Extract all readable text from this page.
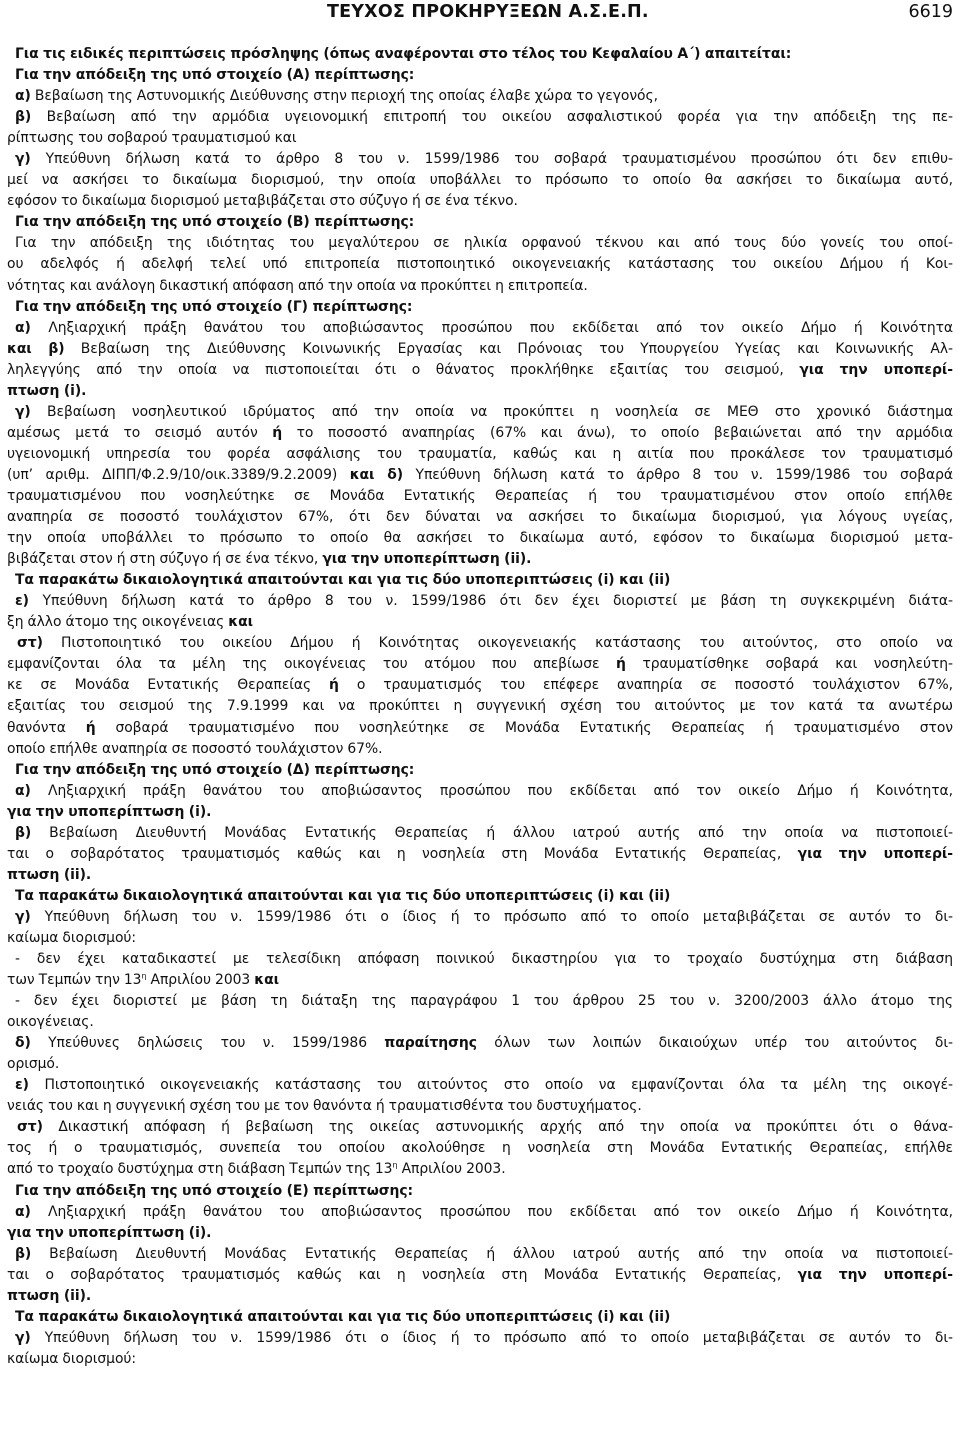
ΤΕΥΧΟΣ ΠΡΟΚΗΡΥΞΕΩΝ Α.Σ.Ε.Π.	6619
Για τις ειδικές περιπτώσεις πρόσληψης (όπως αναφέρονται στο τέλος του Κεφαλαίου Α΄) απαιτείται:
Για την απόδειξη της υπό στοιχείο (Α) περίπτωσης:
α) Βεβαίωση της Αστυνομικής Διεύθυνσης στην περιοχή της οποίας έλαβε χώρα το γεγονός,
β) Βεβαίωση από την αρμόδια υγειονομική επιτροπή του οικείου ασφαλιστικού φορέα για την απόδειξη της πε-
ρίπτωσης του σοβαρού τραυματισμού και
γ) Υπεύθυνη δήλωση κατά το άρθρο 8 του ν. 1599/1986 του σοβαρά τραυματισμένου προσώπου ότι δεν επιθυ-
μεί να ασκήσει το δικαίωμα διορισμού, την οποία υποβάλλει το πρόσωπο το οποίο θα ασκήσει το δικαίωμα αυτό,
εφόσον το δικαίωμα διορισμού μεταβιβάζεται στο σύζυγο ή σε ένα τέκνο.
Για την απόδειξη της υπό στοιχείο (Β) περίπτωσης:
Για την απόδειξη της ιδιότητας του μεγαλύτερου σε ηλικία ορφανού τέκνου και από τους δύο γονείς του οποί-
ου αδελφός ή αδελφή τελεί υπό επιτροπεία πιστοποιητικό οικογενειακής κατάστασης του οικείου Δήμου ή Κοι-
νότητας και ανάλογη δικαστική απόφαση από την οποία να προκύπτει η επιτροπεία.
Για την απόδειξη της υπό στοιχείο (Γ) περίπτωσης:
α) Ληξιαρχική πράξη θανάτου του αποβιώσαντος προσώπου που εκδίδεται από τον οικείο Δήμο ή Κοινότητα
και β) Βεβαίωση της Διεύθυνσης Κοινωνικής Εργασίας και Πρόνοιας του Υπουργείου Υγείας και Κοινωνικής Αλ-
ληλεγγύης από την οποία να πιστοποιείται ότι ο θάνατος προκλήθηκε εξαιτίας του σεισμού, για την υποπερί-
πτωση (i).
γ) Βεβαίωση νοσηλευτικού ιδρύματος από την οποία να προκύπτει η νοσηλεία σε ΜΕΘ στο χρονικό διάστημα
αμέσως μετά το σεισμό αυτόν ή το ποσοστό αναπηρίας (67% και άνω), το οποίο βεβαιώνεται από την αρμόδια
υγειονομική υπηρεσία του φορέα ασφάλισης του τραυματία, καθώς και η αιτία που προκάλεσε τον τραυματισμό
(υπ’ αριθμ. ΔΙΠΠ/Φ.2.9/10/οικ.3389/9.2.2009) και δ) Υπεύθυνη δήλωση κατά το άρθρο 8 του ν. 1599/1986 του σοβαρά
τραυματισμένου που νοσηλεύτηκε σε Μονάδα Εντατικής Θεραπείας ή του τραυματισμένου στον οποίο επήλθε
αναπηρία σε ποσοστό τουλάχιστον 67%, ότι δεν δύναται να ασκήσει το δικαίωμα διορισμού, για λόγους υγείας,
την οποία υποβάλλει το πρόσωπο το οποίο θα ασκήσει το δικαίωμα αυτό, εφόσον το δικαίωμα διορισμού μετα-
βιβάζεται στον ή στη σύζυγο ή σε ένα τέκνο, για την υποπερίπτωση (ii).
Τα παρακάτω δικαιολογητικά απαιτούνται και για τις δύο υποπεριπτώσεις (i) και (ii)
ε) Υπεύθυνη δήλωση κατά το άρθρο 8 του ν. 1599/1986 ότι δεν έχει διοριστεί με βάση τη συγκεκριμένη διάτα-
ξη άλλο άτομο της οικογένειας και
στ) Πιστοποιητικό του οικείου Δήμου ή Κοινότητας οικογενειακής κατάστασης του αιτούντος, στο οποίο να
εμφανίζονται όλα τα μέλη της οικογένειας του ατόμου που απεβίωσε ή τραυματίσθηκε σοβαρά και νοσηλεύτη-
κε σε Μονάδα Εντατικής Θεραπείας ή ο τραυματισμός του επέφερε αναπηρία σε ποσοστό τουλάχιστον 67%,
εξαιτίας του σεισμού της 7.9.1999 και να προκύπτει η συγγενική σχέση του αιτούντος με τον κατά τα ανωτέρω
θανόντα ή σοβαρά τραυματισμένο που νοσηλεύτηκε σε Μονάδα Εντατικής Θεραπείας ή τραυματισμένο στον
οποίο επήλθε αναπηρία σε ποσοστό τουλάχιστον 67%.
Για την απόδειξη της υπό στοιχείο (Δ) περίπτωσης:
α) Ληξιαρχική πράξη θανάτου του αποβιώσαντος προσώπου που εκδίδεται από τον οικείο Δήμο ή Κοινότητα,
για την υποπερίπτωση (i).
β) Βεβαίωση Διευθυντή Μονάδας Εντατικής Θεραπείας ή άλλου ιατρού αυτής από την οποία να πιστοποιεί-
ται ο σοβαρότατος τραυματισμός καθώς και η νοσηλεία στη Μονάδα Εντατικής Θεραπείας, για την υποπερί-
πτωση (ii).
Τα παρακάτω δικαιολογητικά απαιτούνται και για τις δύο υποπεριπτώσεις (i) και (ii)
γ) Υπεύθυνη δήλωση του ν. 1599/1986 ότι ο ίδιος ή το πρόσωπο από το οποίο μεταβιβάζεται σε αυτόν το δι-
καίωμα διορισμού:
- δεν έχει καταδικαστεί με τελεσίδικη απόφαση ποινικού δικαστηρίου για το τροχαίο δυστύχημα στη διάβαση
των Τεμπών την $13^\eta$ Απριλίου 2003 και
- δεν έχει διοριστεί με βάση τη διάταξη της παραγράφου 1 του άρθρου 25 του ν. 3200/2003 άλλο άτομο της
οικογένειας.
δ) Υπεύθυνες δηλώσεις του ν. 1599/1986 παραίτησης όλων των λοιπών δικαιούχων υπέρ του αιτούντος δι-
ορισμό.
ε) Πιστοποιητικό οικογενειακής κατάστασης του αιτούντος στο οποίο να εμφανίζονται όλα τα μέλη της οικογέ-
νειάς του και η συγγενική σχέση του με τον θανόντα ή τραυματισθέντα του δυστυχήματος.
στ) Δικαστική απόφαση ή βεβαίωση της οικείας αστυνομικής αρχής από την οποία να προκύπτει ότι ο θάνα-
τος ή ο τραυματισμός, συνεπεία του οποίου ακολούθησε η νοσηλεία στη Μονάδα Εντατικής Θεραπείας, επήλθε
από το τροχαίο δυστύχημα στη διάβαση Τεμπών της $13^\eta$ Απριλίου 2003.
Για την απόδειξη της υπό στοιχείο (Ε) περίπτωσης:
α) Ληξιαρχική πράξη θανάτου του αποβιώσαντος προσώπου που εκδίδεται από τον οικείο Δήμο ή Κοινότητα,
για την υποπερίπτωση (i).
β) Βεβαίωση Διευθυντή Μονάδας Εντατικής Θεραπείας ή άλλου ιατρού αυτής από την οποία να πιστοποιεί-
ται ο σοβαρότατος τραυματισμός καθώς και η νοσηλεία στη Μονάδα Εντατικής Θεραπείας, για την υποπερί-
πτωση (ii).
Τα παρακάτω δικαιολογητικά απαιτούνται και για τις δύο υποπεριπτώσεις (i) και (ii)
γ) Υπεύθυνη δήλωση του ν. 1599/1986 ότι ο ίδιος ή το πρόσωπο από το οποίο μεταβιβάζεται σε αυτόν το δι-
καίωμα διορισμού:
